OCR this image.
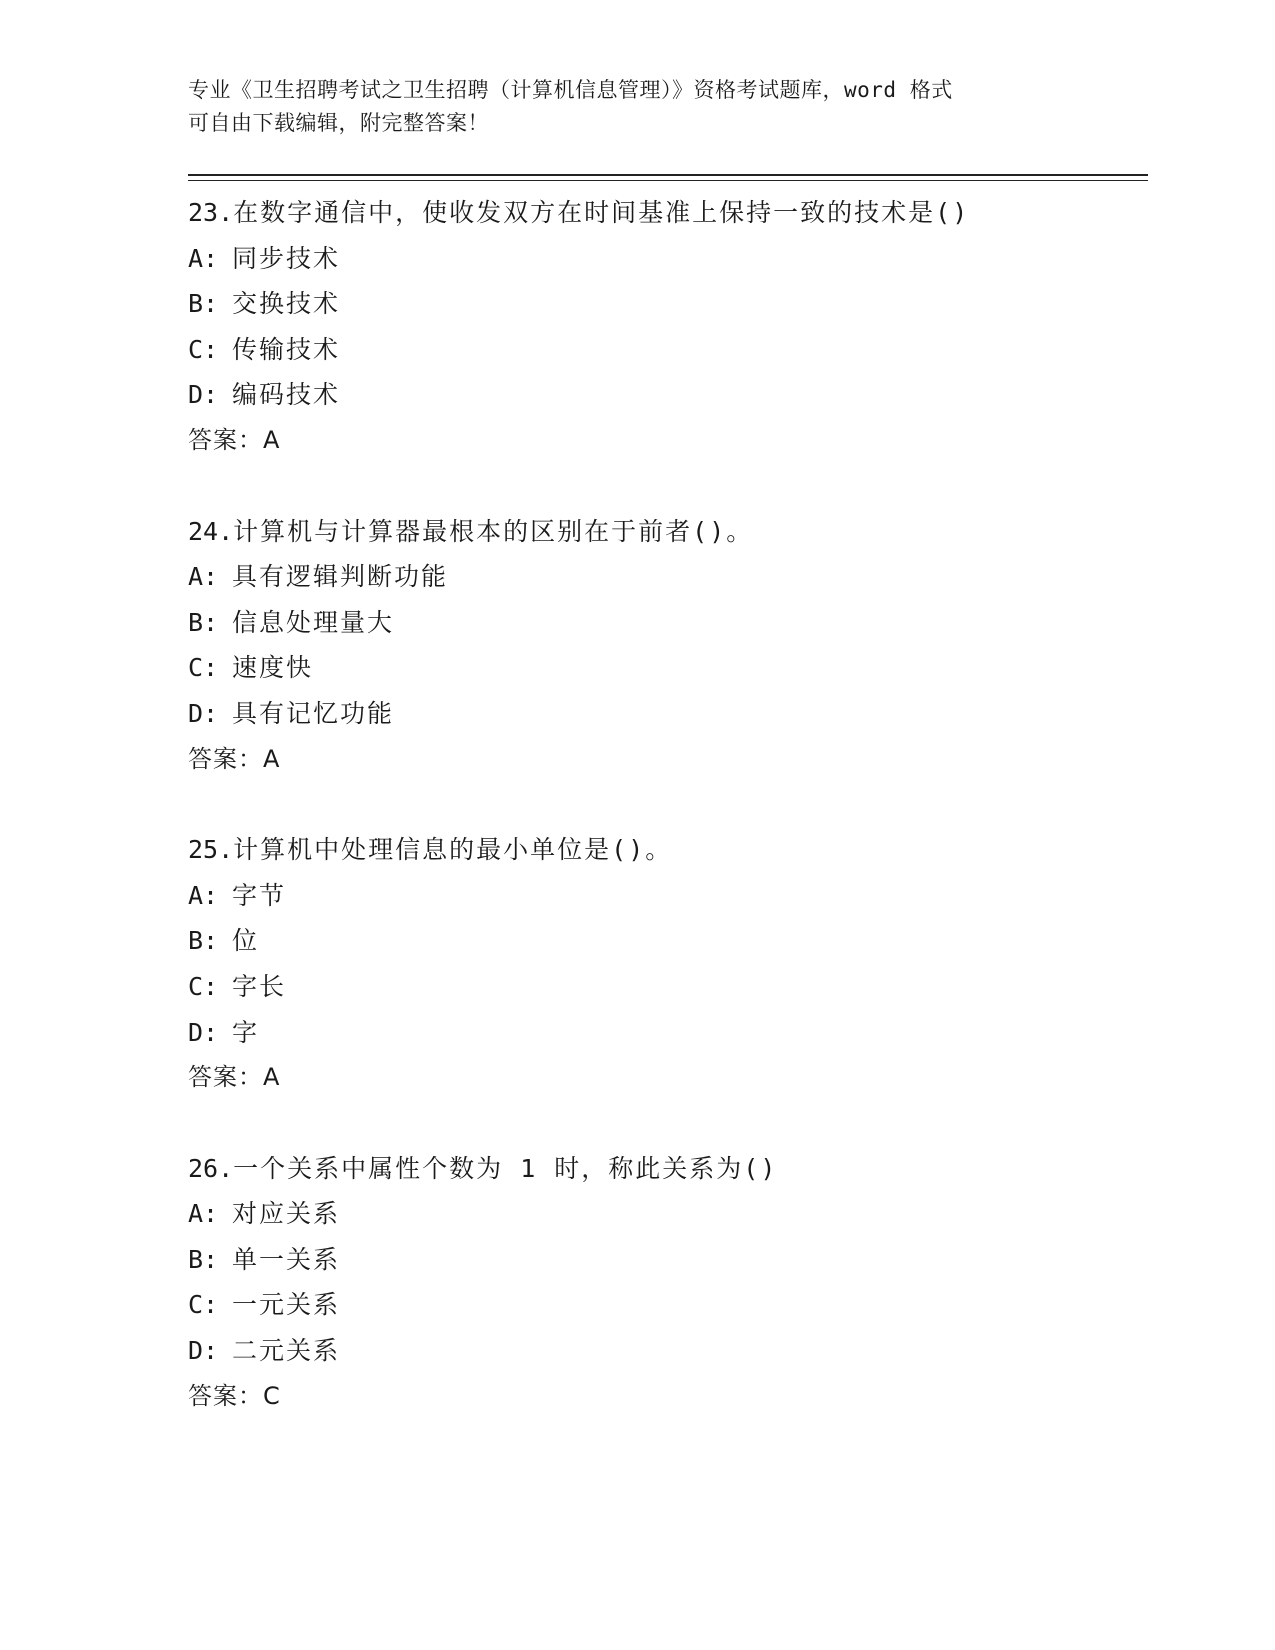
专业《卫生招聘考试之卫生招聘（计算机信息管理）》资格考试题库，word 格式
可自由下载编辑，附完整答案！
23.在数字通信中，使收发双方在时间基准上保持一致的技术是()
A: 同步技术
B: 交换技术
C: 传输技术
D: 编码技术
答案：A
24.计算机与计算器最根本的区别在于前者()。
A: 具有逻辑判断功能
B: 信息处理量大
C: 速度快
D: 具有记忆功能
答案：A
25.计算机中处理信息的最小单位是()。
A: 字节
B: 位
C: 字长
D: 字
答案：A
26.一个关系中属性个数为 1 时，称此关系为()
A: 对应关系
B: 单一关系
C: 一元关系
D: 二元关系
答案：C
